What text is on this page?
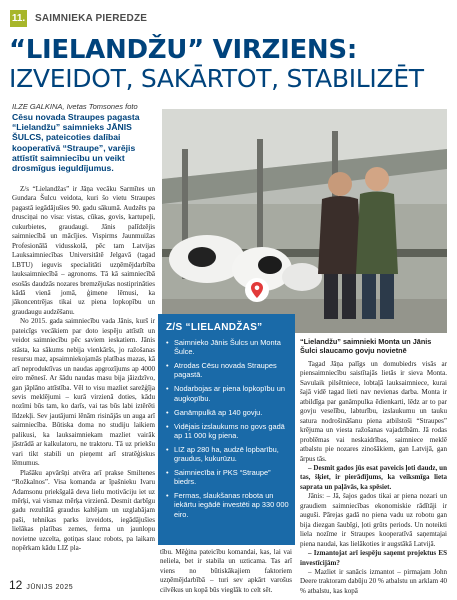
11. SAIMNIEKA PIEREDZE
“LIELANDŽU” VIRZIENS:
IZVEIDOT, SAKĀRTOT, STABILIZĒT
ILZE GALKINA, Ivetas Tomsones foto
Cēsu novada Straupes pagasta “Lielandžu” saimnieks JĀNIS ŠULCS, pateicoties dalībai kooperatīvā “Straupe”, varējis attīstīt saimniecību un veikt drosmīgus ieguldījumus.

Z/s “Lielandžas” ir Jāņa vecāku Sarmītes un Gundara Šulcu veidota, kuri šo vietu Straupes pagastā iegādājušies 90. gadu sākumā. Audzēts pa drusciņai no visa: vistas, cūkas, govis, kartupeļi, cukurbietes, graudaugi. Jānis palīdzējis saimniecībā un mācījies. Vispirms Jaunmuižas Profesionālā vidusskolā, pēc tam Latvijas Lauksaimniecības Universitātē Jelgavā (tagad LBTU) ieguvis specialitāti uzņēmējdarbība lauksaimniecībā – agronoms. Tā kā saimniecībā esošās daudzās nozares bremzējušas nostiprināties kādā vienā jomā, ģimene lēmusi, ka jākoncentrējas tikai uz piena lopkopību un graudaugu audzēšanu.

No 2015. gada saimniecību vada Jānis, kurš ir pateicīgs vecākiem par doto iespēju attīstīt un veidot saimniecību pēc saviem ieskatiem. Jānis stāsta, ka sākums nebija vienkāršs, jo ražošanas resursu maz, apsaimniekojamās platības mazas, kā arī neproduktīvas un naudas apgrozījums ap 4000 eiro mēnesī. Ar šādu naudas masu bija jāizdzīvo, gan jāplāno attīstība. Vēl to visu mazliet sarežģīja sevis meklējumi – kurā virzienā doties, kādu nozīmi būs tam, ko darīs, vai tas būs labi iztērēti līdzekļi. Sev jautājumi lēnām risinājās un auga arī saimniecība. Būtiska doma no studiju laikiem palikusi, ka lauksaimniekam mazliet vairāk jāstrādā ar kalkulatoru, ne traktoru. Tā uz priekšu vari tikt stabili un pieņemt arī stratēģiskus lēmumus.

Plašāku apvāršņi atvēra arī prakse Smiltenes “Rožkalnos”. Visa komanda ar īpašnieku Ivaru Adamsonu priekšgalā deva lielu motivāciju iet uz mērķi, vai vismaz mērķa virzienā. Desmit darbīgu gadu rezultātā graudus kaltējam un uzglabājam paši, tehnikas parks izveidots, iegādājušies lielākas platības zemes, ferma un jaunlopu novietne uzcelta, gotiņas slauc robots, pa laikam nopērkam kādu LIZ pla-

“Lielandžu” saimnieki Monta un Jānis Šulci slaucamo govju novietnē
Z/S “LIELANDŽAS”
• Saimnieko Jānis Šulcs un Monta Šulce.
• Atrodas Cēsu novada Straupes pagastā.
• Nodarbojas ar piena lopkopību un augkopību.
• Ganāmpulkā ap 140 govju.
• Vidējais izslaukums no govs gadā ap 11 000 kg piena.
• LIZ ap 280 ha, audzē lopbarību, graudus, kukurūzu.
• Saimniecība ir PKS “Straupe” biedrs.
• Fermas, slaukšanas robota un iekārtu iegādē investēti ap 330 000 eiro.

tību. Mēģina pateicību komandai, kas, lai vai neliela, bet ir stabila un uzticama. Tas arī viens no būtiskākajiem faktoriem uzņēmējdarbībā – turi sev apkārt varošus cilvēkus un kopā būs vieglāk to celt sēt.

Tagad Jāņa palīgs un domubiedrs visās ar piensaimniecību saistītajās lietās ir sieva Monta. Savulaik pilsētniece, lobtaļā lauksaimniece, kurai šajā vidē tagad lieti nav nevienas darba. Monta ir atbildīga par ganāmpulka ēdienkarti, lēdz ar to par govju veselību, labturību, izslaukumu un tauku satura nodrošināšanu piena atbilstoši “Straupes” krējuma un viesta ražošanas vajadzībām. Jā rodas problēmas vai neskaidrības, saimniece meklē atbalstu pie nozares zinošākiem, gan Latvijā, gan ārpus tās.

– Desmit gados jūs esat paveicis ļoti daudz, un tas, šķiet, ir pierādījums, ka veiksmīga lieta saprata un paļāvās, ka spēsiet.

Jānis: – Jā, šajos gados tikai ar piena nozari un graudiem saimniecības ekonomiskie rādītāji ir auguši. Pārejas gadā no piena vadu uz robotu gan bija diezgan šaubīgi, ļoti grūts periods. Un noteikti liela nozīme ir Straupes kooperatīvā saņemtajai piena naudai, kas lielākoties ir augstākā Latvijā.

– Izmantojat arī iespēju saņemt projektus ES investīcijām?

– Mazliet ir sanācis izmantot – pirmajam John Deere traktoram dabūju 20 % atbalstu un arklam 40 % atbalstu, kas kopā

12 JŪNIJS 2025
